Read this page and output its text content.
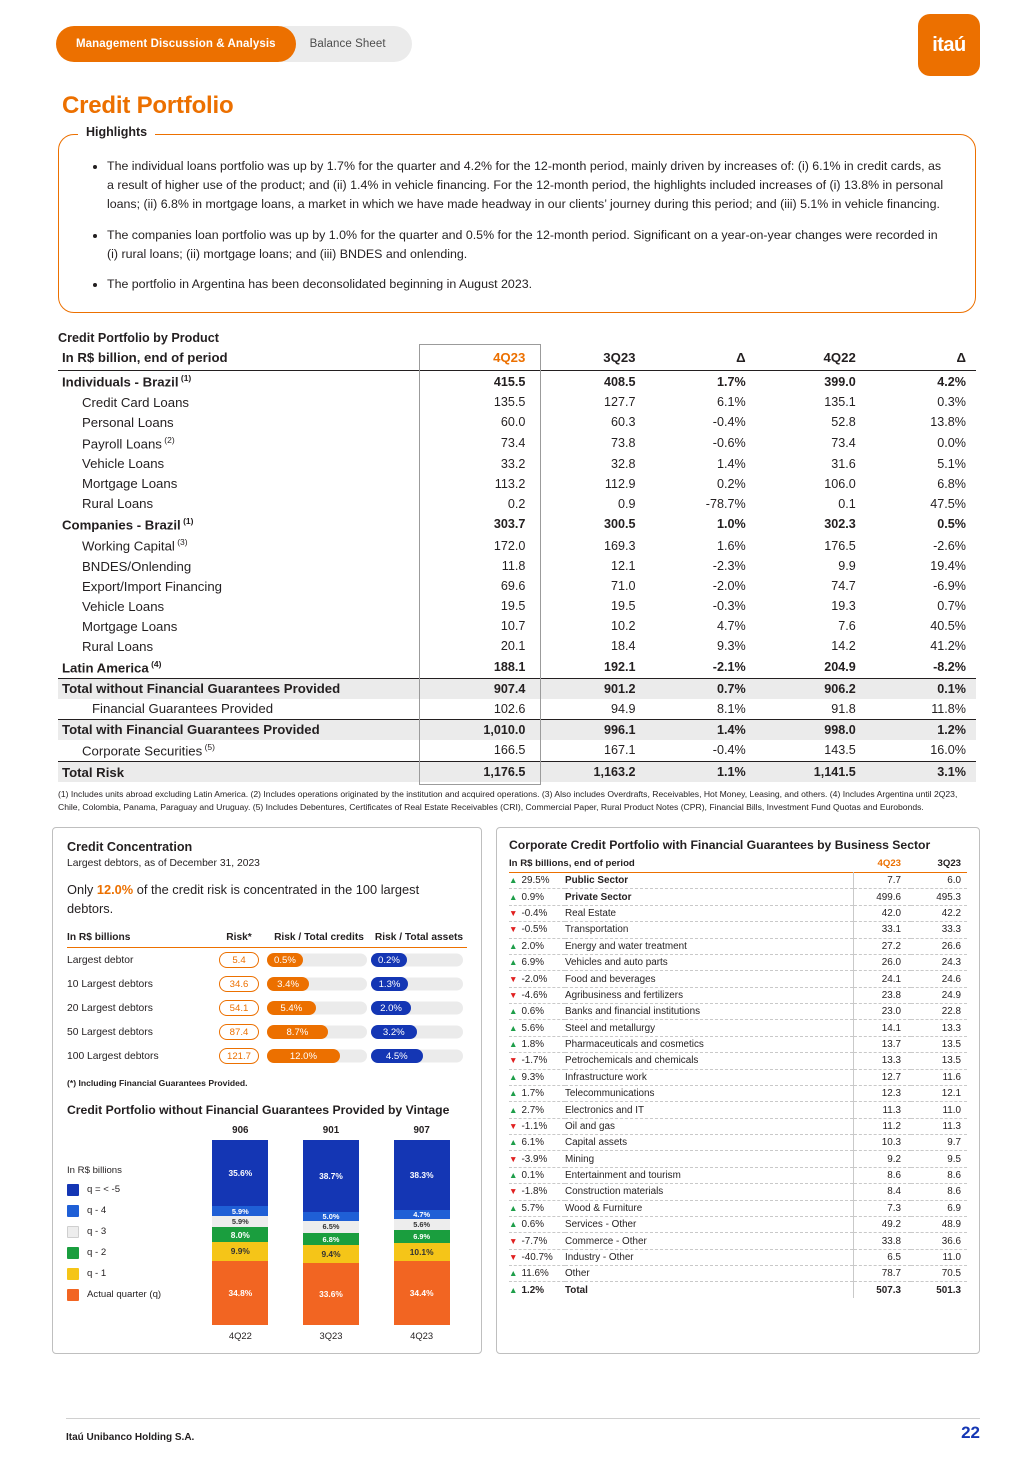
Management Discussion & Analysis	Balance Sheet	itaú
Credit Portfolio
• The individual loans portfolio was up by 1.7% for the quarter and 4.2% for the 12-month period, mainly driven by increases of: (i) 6.1% in credit cards, as a result of higher use of the product; and (ii) 1.4% in vehicle financing. For the 12-month period, the highlights included increases of (i) 13.8% in personal loans; (ii) 6.8% in mortgage loans, a market in which we have made headway in our clients’ journey during this period; and (iii) 5.1% in vehicle financing.
• The companies loan portfolio was up by 1.0% for the quarter and 0.5% for the 12-month period. Significant on a year-on-year changes were recorded in (i) rural loans; (ii) mortgage loans; and (iii) BNDES and onlending.
• The portfolio in Argentina has been deconsolidated beginning in August 2023.
Highlights
Credit Portfolio by Product
In R$ billion, end of period	4Q23	3Q23	Δ	4Q22	Δ
Individuals - Brazil $^{(1)}$	415.5	408.5	1.7%	399.0	4.2%
Credit Card Loans	135.5	127.7	6.1%	135.1	0.3%
Personal Loans	60.0	60.3	-0.4%	52.8	13.8%
Payroll Loans $^{(2)}$	73.4	73.8	-0.6%	73.4	0.0%
Vehicle Loans	33.2	32.8	1.4%	31.6	5.1%
Mortgage Loans	113.2	112.9	0.2%	106.0	6.8%
Rural Loans	0.2	0.9	-78.7%	0.1	47.5%
Companies - Brazil $^{(1)}$	303.7	300.5	1.0%	302.3	0.5%
Working Capital $^{(3)}$	172.0	169.3	1.6%	176.5	-2.6%
BNDES/Onlending	11.8	12.1	-2.3%	9.9	19.4%
Export/Import Financing	69.6	71.0	-2.0%	74.7	-6.9%
Vehicle Loans	19.5	19.5	-0.3%	19.3	0.7%
Mortgage Loans	10.7	10.2	4.7%	7.6	40.5%
Rural Loans	20.1	18.4	9.3%	14.2	41.2%
Latin America $^{(4)}$	188.1	192.1	-2.1%	204.9	-8.2%
Total without Financial Guarantees Provided	907.4	901.2	0.7%	906.2	0.1%
Financial Guarantees Provided	102.6	94.9	8.1%	91.8	11.8%
Total with Financial Guarantees Provided	1,010.0	996.1	1.4%	998.0	1.2%
Corporate Securities $^{(5)}$	166.5	167.1	-0.4%	143.5	16.0%
Total Risk	1,176.5	1,163.2	1.1%	1,141.5	3.1%
(1) Includes units abroad excluding Latin America. (2) Includes operations originated by the institution and acquired operations. (3) Also includes Overdrafts, Receivables, Hot Money, Leasing, and others. (4) Includes Argentina until 2Q23, Chile, Colombia, Panama, Paraguay and Uruguay. (5) Includes Debentures, Certificates of Real Estate Receivables (CRI), Commercial Paper, Rural Product Notes (CPR), Financial Bills, Investment Fund Quotas and Eurobonds.
Credit Concentration
Largest debtors, as of December 31, 2023

Only 12.0% of the credit risk is concentrated in the 100 largest debtors.

In R$ billions	Risk*	Risk / Total credits	Risk / Total assets
Largest debtor	5.4	0.5%	0.2%
10 Largest debtors	34.6	3.4%	1.3%
20 Largest debtors	54.1	5.4%	2.0%
50 Largest debtors	87.4	8.7%	3.2%
100 Largest debtors	121.7	12.0%	4.5%

(*) Including Financial Guarantees Provided.

Credit Portfolio without Financial Guarantees Provided by Vintage
In R$ billions
q = < -5
q - 4
q - 3
q - 2
q - 1
Actual quarter (q)
906
35.6%
5.9%
5.9%
8.0%
9.9%
34.8%
4Q22
901
38.7%
5.0%
6.5%
6.8%
9.4%
33.6%
3Q23
907
38.3%
4.7%
5.6%
6.9%
10.1%
34.4%
4Q23
Corporate Credit Portfolio with Financial Guarantees by Business Sector
In R$ billions, end of period		4Q23	3Q23
▲ 29.5%	Public Sector	7.7	6.0
▲ 0.9%	Private Sector	499.6	495.3
▼ -0.4%	Real Estate	42.0	42.2
▼ -0.5%	Transportation	33.1	33.3
▲ 2.0%	Energy and water treatment	27.2	26.6
▲ 6.9%	Vehicles and auto parts	26.0	24.3
▼ -2.0%	Food and beverages	24.1	24.6
▼ -4.6%	Agribusiness and fertilizers	23.8	24.9
▲ 0.6%	Banks and financial institutions	23.0	22.8
▲ 5.6%	Steel and metallurgy	14.1	13.3
▲ 1.8%	Pharmaceuticals and cosmetics	13.7	13.5
▼ -1.7%	Petrochemicals and chemicals	13.3	13.5
▲ 9.3%	Infrastructure work	12.7	11.6
▲ 1.7%	Telecommunications	12.3	12.1
▲ 2.7%	Electronics and IT	11.3	11.0
▼ -1.1%	Oil and gas	11.2	11.3
▲ 6.1%	Capital assets	10.3	9.7
▼ -3.9%	Mining	9.2	9.5
▲ 0.1%	Entertainment and tourism	8.6	8.6
▼ -1.8%	Construction materials	8.4	8.6
▲ 5.7%	Wood & Furniture	7.3	6.9
▲ 0.6%	Services - Other	49.2	48.9
▼ -7.7%	Commerce - Other	33.8	36.6
▼ -40.7%	Industry - Other	6.5	11.0
▲ 11.6%	Other	78.7	70.5
▲ 1.2%	Total	507.3	501.3
Itaú Unibanco Holding S.A.	22
